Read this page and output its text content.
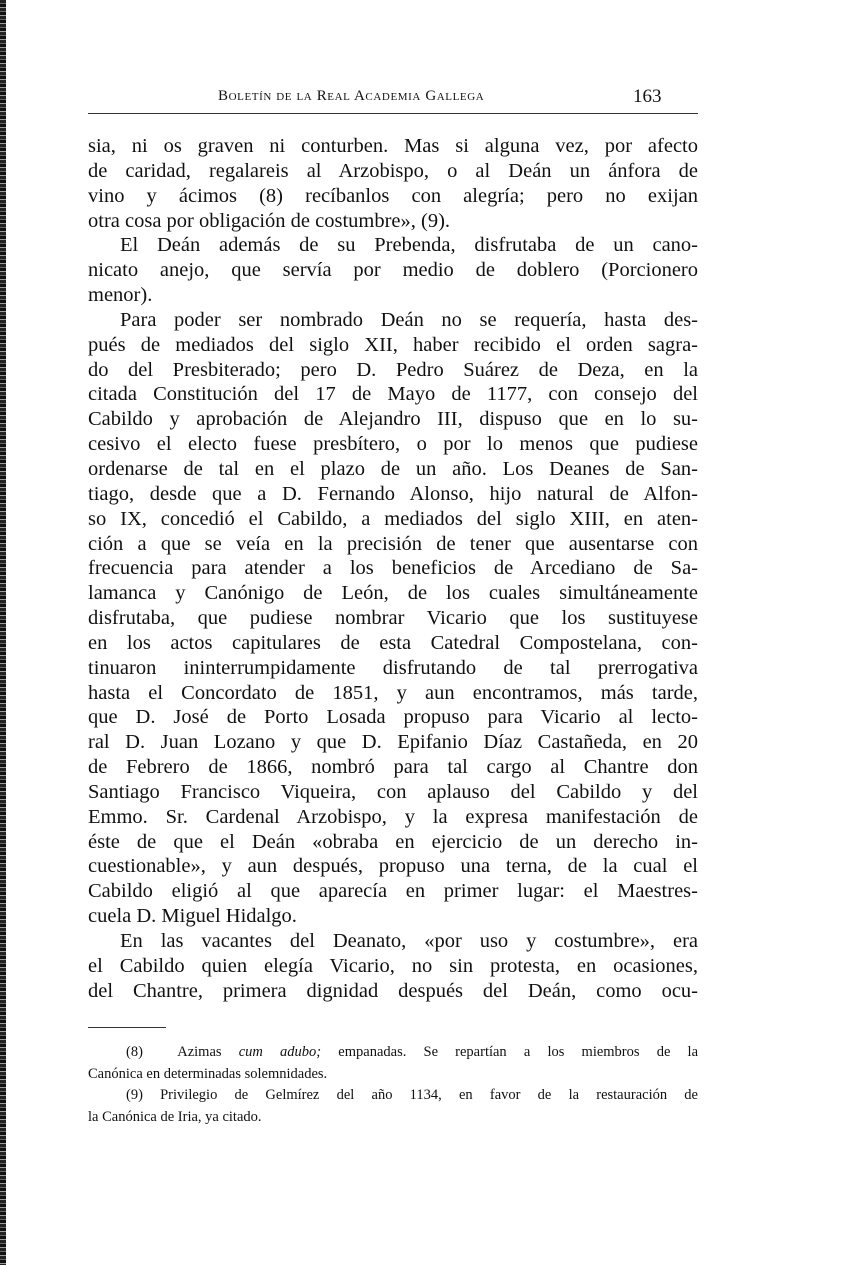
Boletín de la Real Academia Gallega	163
sia, ni os graven ni conturben. Mas si alguna vez, por afecto
de caridad, regalareis al Arzobispo, o al Deán un ánfora de
vino y ácimos (8) recíbanlos con alegría; pero no exijan
otra cosa por obligación de costumbre», (9).
El Deán además de su Prebenda, disfrutaba de un cano-
nicato anejo, que servía por medio de doblero (Porcionero
menor).
Para poder ser nombrado Deán no se requería, hasta des-
pués de mediados del siglo XII, haber recibido el orden sagra-
do del Presbiterado; pero D. Pedro Suárez de Deza, en la
citada Constitución del 17 de Mayo de 1177, con consejo del
Cabildo y aprobación de Alejandro III, dispuso que en lo su-
cesivo el electo fuese presbítero, o por lo menos que pudiese
ordenarse de tal en el plazo de un año. Los Deanes de San-
tiago, desde que a D. Fernando Alonso, hijo natural de Alfon-
so IX, concedió el Cabildo, a mediados del siglo XIII, en aten-
ción a que se veía en la precisión de tener que ausentarse con
frecuencia para atender a los beneficios de Arcediano de Sa-
lamanca y Canónigo de León, de los cuales simultáneamente
disfrutaba, que pudiese nombrar Vicario que los sustituyese
en los actos capitulares de esta Catedral Compostelana, con-
tinuaron ininterrumpidamente disfrutando de tal prerrogativa
hasta el Concordato de 1851, y aun encontramos, más tarde,
que D. José de Porto Losada propuso para Vicario al lecto-
ral D. Juan Lozano y que D. Epifanio Díaz Castañeda, en 20
de Febrero de 1866, nombró para tal cargo al Chantre don
Santiago Francisco Viqueira, con aplauso del Cabildo y del
Emmo. Sr. Cardenal Arzobispo, y la expresa manifestación de
éste de que el Deán «obraba en ejercicio de un derecho in-
cuestionable», y aun después, propuso una terna, de la cual el
Cabildo eligió al que aparecía en primer lugar: el Maestres-
cuela D. Miguel Hidalgo.
En las vacantes del Deanato, «por uso y costumbre», era
el Cabildo quien elegía Vicario, no sin protesta, en ocasiones,
del Chantre, primera dignidad después del Deán, como ocu-
(8) Azimas cum adubo; empanadas. Se repartían a los miembros de la
Canónica en determinadas solemnidades.
(9) Privilegio de Gelmírez del año 1134, en favor de la restauración de
la Canónica de Iria, ya citado.
